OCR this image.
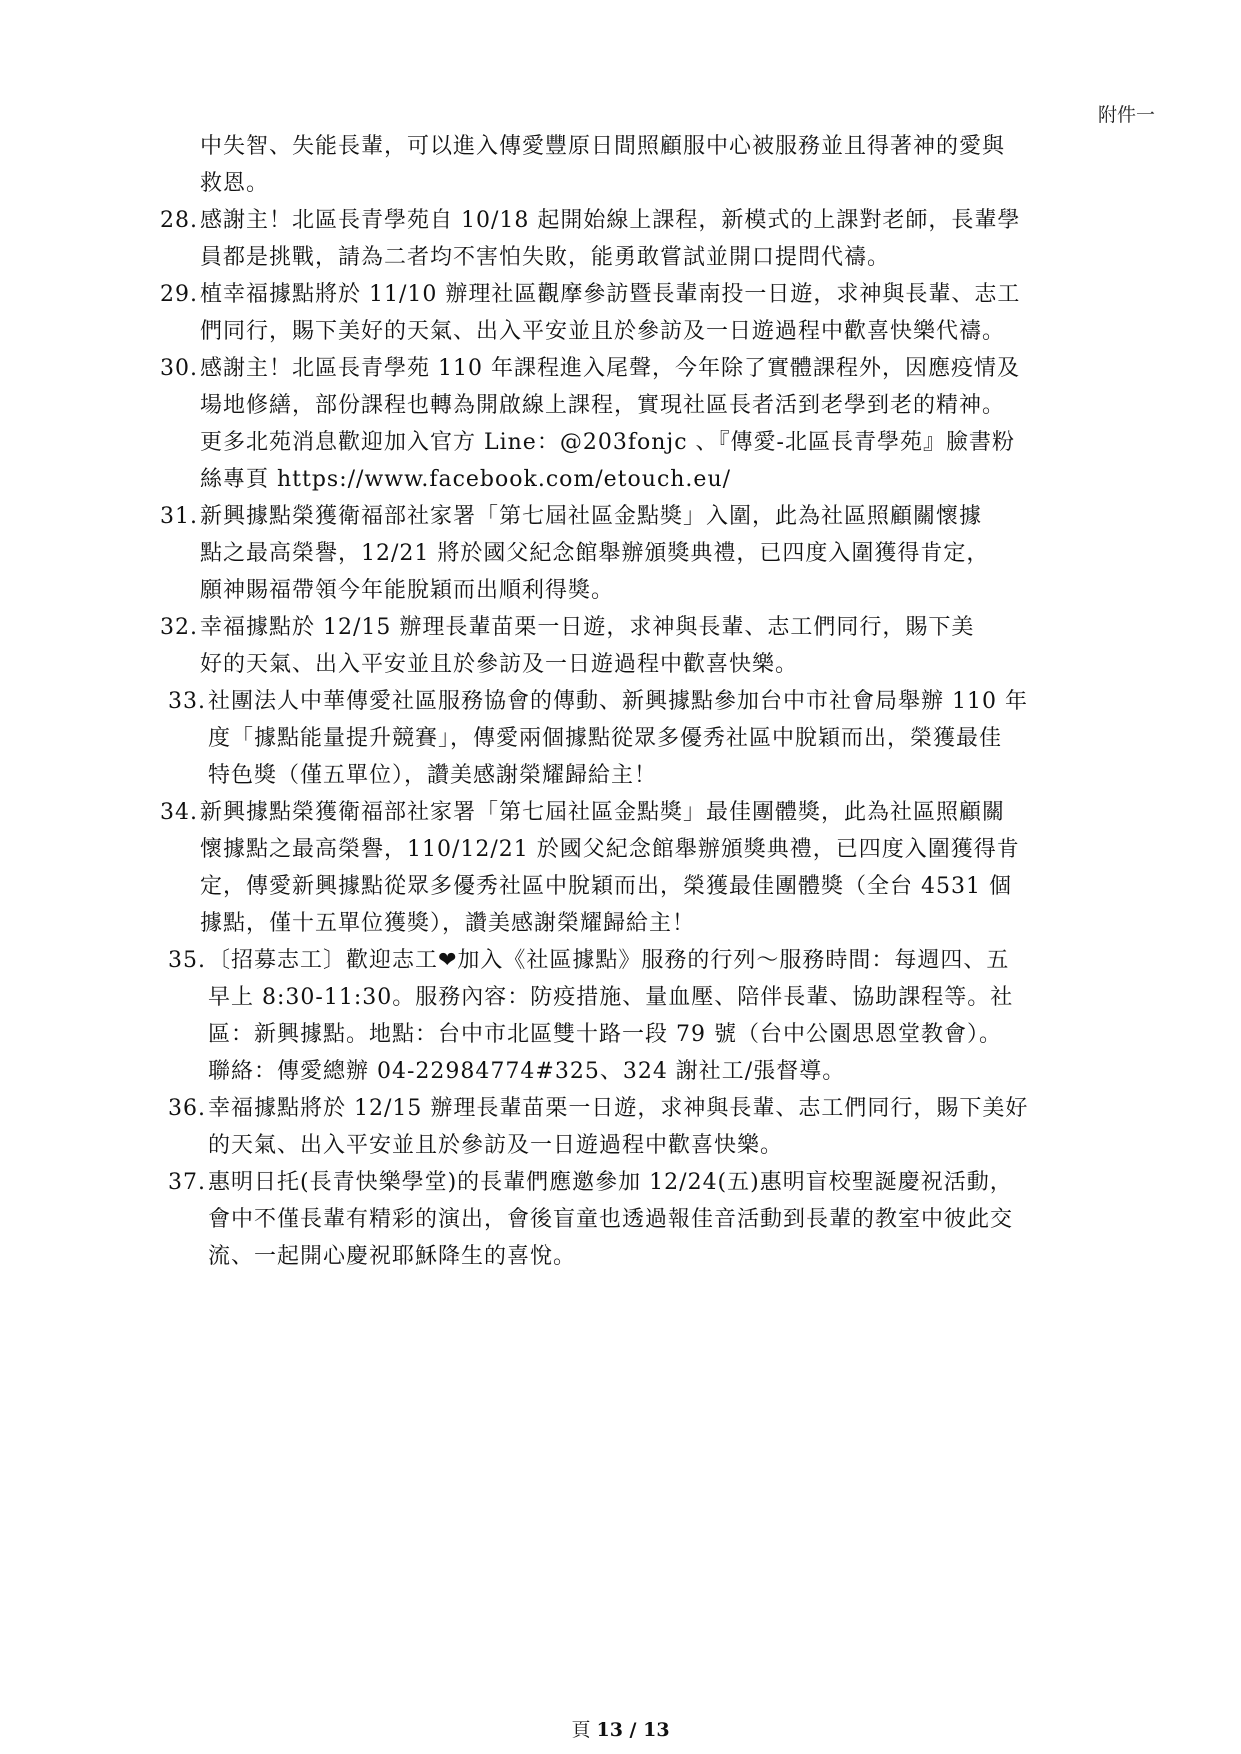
附件一
中失智、失能長輩，可以進入傳愛豐原日間照顧服中心被服務並且得著神的愛與
救恩。
28. 感謝主！北區長青學苑自 10/18 起開始線上課程，新模式的上課對老師，長輩學
員都是挑戰，請為二者均不害怕失敗，能勇敢嘗試並開口提問代禱。
29. 植幸福據點將於 11/10 辦理社區觀摩參訪暨長輩南投一日遊，求神與長輩、志工
們同行，賜下美好的天氣、出入平安並且於參訪及一日遊過程中歡喜快樂代禱。
30. 感謝主！北區長青學苑 110 年課程進入尾聲，今年除了實體課程外，因應疫情及
場地修繕，部份課程也轉為開啟線上課程，實現社區長者活到老學到老的精神。
更多北苑消息歡迎加入官方 Line：@203fonjc 、『傳愛-北區長青學苑』臉書粉
絲專頁 https://www.facebook.com/etouch.eu/
31. 新興據點榮獲衛福部社家署「第七屆社區金點獎」入圍，此為社區照顧關懷據
點之最高榮譽，12/21 將於國父紀念館舉辦頒獎典禮，已四度入圍獲得肯定，
願神賜福帶領今年能脫穎而出順利得獎。
32. 幸福據點於 12/15 辦理長輩苗栗一日遊，求神與長輩、志工們同行，賜下美
好的天氣、出入平安並且於參訪及一日遊過程中歡喜快樂。
33. 社團法人中華傳愛社區服務協會的傳動、新興據點參加台中市社會局舉辦 110 年
度「據點能量提升競賽」，傳愛兩個據點從眾多優秀社區中脫穎而出，榮獲最佳
特色獎（僅五單位），讚美感謝榮耀歸給主！
34. 新興據點榮獲衛福部社家署「第七屆社區金點獎」最佳團體獎，此為社區照顧關
懷據點之最高榮譽，110/12/21 於國父紀念館舉辦頒獎典禮，已四度入圍獲得肯
定，傳愛新興據點從眾多優秀社區中脫穎而出，榮獲最佳團體獎（全台 4531 個
據點，僅十五單位獲獎），讚美感謝榮耀歸給主！
35. 〔招募志工〕歡迎志工❤加入《社區據點》服務的行列～服務時間：每週四、五
早上 8:30-11:30。服務內容：防疫措施、量血壓、陪伴長輩、協助課程等。社
區：新興據點。地點：台中市北區雙十路一段 79 號（台中公園思恩堂教會）。
聯絡：傳愛總辦 04-22984774#325、324 謝社工/張督導。
36. 幸福據點將於 12/15 辦理長輩苗栗一日遊，求神與長輩、志工們同行，賜下美好
的天氣、出入平安並且於參訪及一日遊過程中歡喜快樂。
37. 惠明日托(長青快樂學堂)的長輩們應邀參加 12/24(五)惠明盲校聖誕慶祝活動，
會中不僅長輩有精彩的演出，會後盲童也透過報佳音活動到長輩的教室中彼此交
流、一起開心慶祝耶穌降生的喜悅。
頁 13 / 13
